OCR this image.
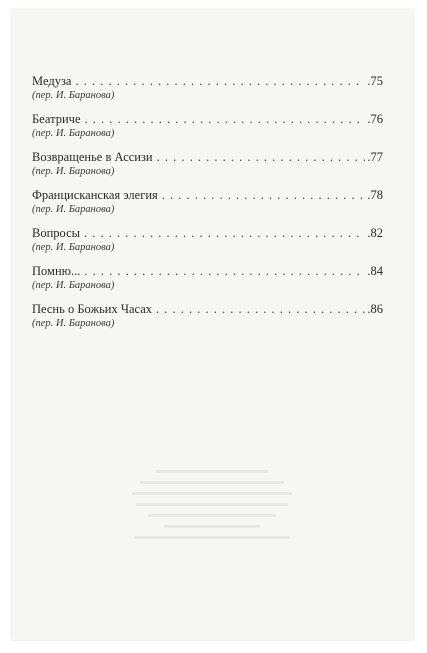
Медуза . . .	.75
(пер. И. Баранова)
Беатриче . . .	.76
(пер. И. Баранова)
Возвращенье в Ассизи . . .	.77
(пер. И. Баранова)
Францисканская элегия . . .	.78
(пер. И. Баранова)
Вопросы . . .	.82
(пер. И. Баранова)
Помню... . . .	.84
(пер. И. Баранова)
Песнь о Божьих Часах . . .	.86
(пер. И. Баранова)
